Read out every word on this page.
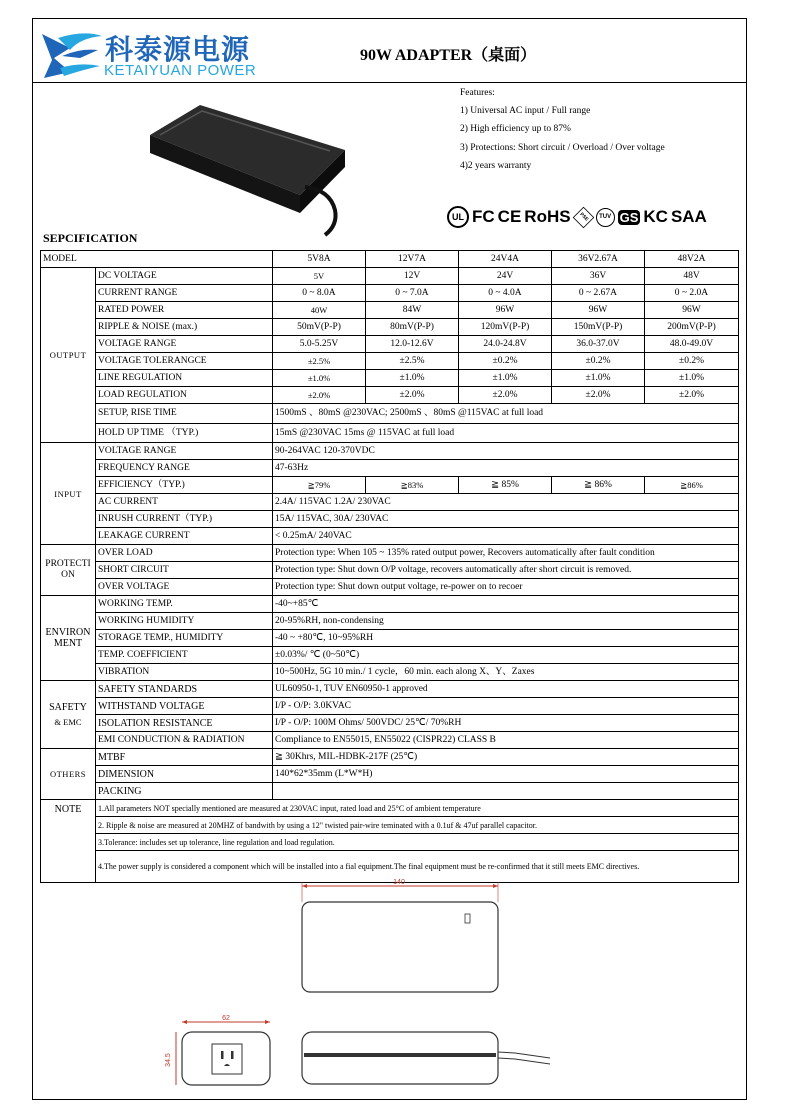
科泰源电源
KETAIYUAN POWER
90W ADAPTER（桌面）
Features:
1) Universal AC input / Full range
2) High efficiency up to 87%
3) Protections: Short circuit / Overload / Over voltage
4)2 years warranty
UL FC CE RoHS	PSE	TUV GS KC SAA
SEPCIFICATION
MODEL		5V8A	12V7A	24V4A	36V2.67A	48V2A
OUTPUT	DC VOLTAGE	5V	12V	24V	36V	48V
	CURRENT RANGE	0 ~ 8.0A	0 ~ 7.0A	0 ~ 4.0A	0 ~ 2.67A	0 ~ 2.0A
	RATED POWER	40W	84W	96W	96W	96W
	RIPPLE & NOISE (max.)	50mV(P-P)	80mV(P-P)	120mV(P-P)	150mV(P-P)	200mV(P-P)
	VOLTAGE RANGE	5.0-5.25V	12.0-12.6V	24.0-24.8V	36.0-37.0V	48.0-49.0V
	VOLTAGE TOLERANGCE	±2.5%	±2.5%	±0.2%	±0.2%	±0.2%
	LINE REGULATION	±1.0%	±1.0%	±1.0%	±1.0%	±1.0%
	LOAD REGULATION	±2.0%	±2.0%	±2.0%	±2.0%	±2.0%
	SETUP, RISE TIME	1500mS 、80mS @230VAC; 2500mS 、80mS @115VAC at full load				
	HOLD UP TIME （TYP.)	15mS @230VAC 15ms @ 115VAC at full load				
INPUT	VOLTAGE RANGE	90-264VAC 120-370VDC				
	FREQUENCY RANGE	47-63Hz				
	EFFICIENCY（TYP.)	≧79%	≧83%	≧ 85%	≧ 86%	≧86%
	AC CURRENT	2.4A/ 115VAC 1.2A/ 230VAC				
	INRUSH CURRENT（TYP.)	15A/ 115VAC, 30A/ 230VAC				
	LEAKAGE CURRENT	< 0.25mA/ 240VAC				
PROTECTION	OVER LOAD	Protection type: When 105 ~ 135% rated output power, Recovers automatically after fault condition				
	SHORT CIRCUIT	Protection type: Shut down O/P voltage, recovers automatically after short circuit is removed.				
	OVER VOLTAGE	Protection type: Shut down output voltage, re-power on to recoer				
ENVIRONMENT	WORKING TEMP.	-40~+85℃				
	WORKING HUMIDITY	20-95%RH, non-condensing				
	STORAGE TEMP., HUMIDITY	-40 ~ +80℃, 10~95%RH				
	TEMP. COEFFICIENT	±0.03%/ ℃ (0~50℃)				
	VIBRATION	10~500Hz, 5G 10 min./ 1 cycle，60 min. each along X、Y、Zaxes				

SAFETY
& EMC	SAFETY STANDARDS	UL60950-1, TUV EN60950-1 approved				
	WITHSTAND VOLTAGE	I/P - O/P: 3.0KVAC				
	ISOLATION RESISTANCE	I/P - O/P: 100M Ohms/ 500VDC/ 25℃/ 70%RH				
	EMI CONDUCTION & RADIATION	Compliance to EN55015, EN55022 (CISPR22) CLASS B				
OTHERS	MTBF	≧ 30Khrs, MIL-HDBK-217F (25℃)				
	DIMENSION	140*62*35mm (L*W*H)				
	PACKING					
NOTE	1.All parameters NOT specially mentioned are measured at 230VAC input, rated load and 25°C of ambient temperature					
	2. Ripple & noise are measured at 20MHZ of bandwith by using a 12" twisted pair-wire teminated with a 0.1uf & 47uf parallel capacitor.					
	3.Tolerance: includes set up tolerance, line regulation and load regulation.					
	4.The power supply is considered a component which will be installed into a fial equipment.The final equipment must be re-confirmed that it still meets EMC directives.					
140
62
34.5
